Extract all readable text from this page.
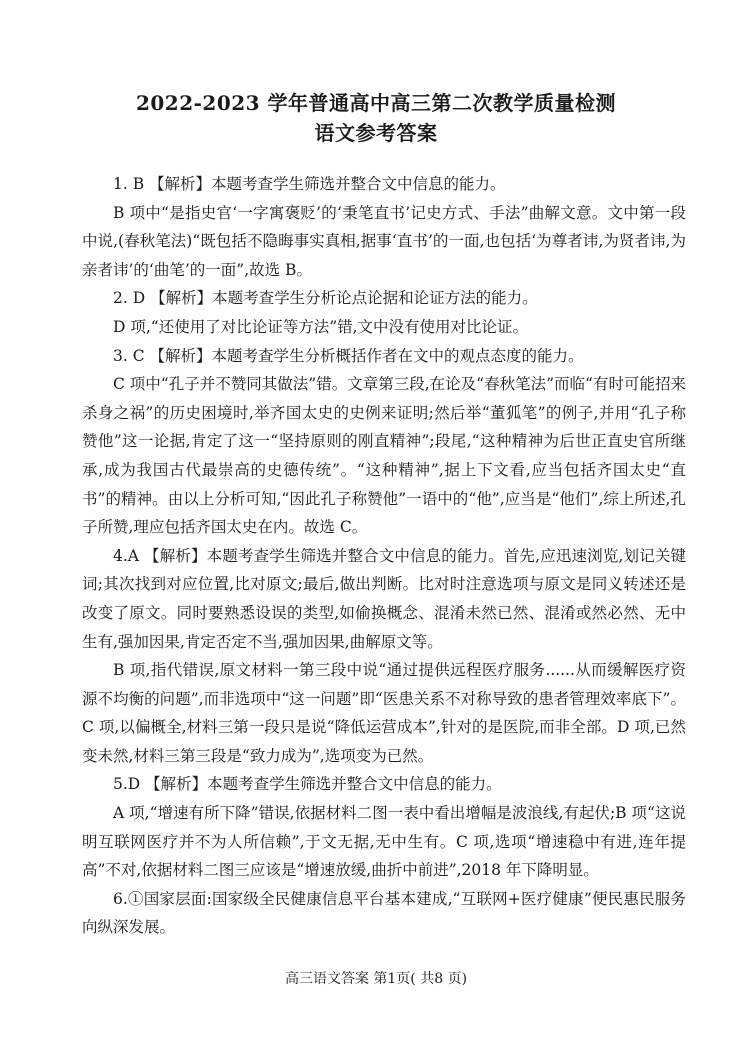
2022-2023 学年普通高中高三第二次教学质量检测
语文参考答案

1. B 【解析】本题考查学生筛选并整合文中信息的能力。

B 项中“是指史官‘一字寓褒贬’的‘秉笔直书’记史方式、手法”曲解文意。文中第一段中说,(春秋笔法)“既包括不隐晦事实真相,据事‘直书’的一面,也包括‘为尊者讳,为贤者讳,为亲者讳’的‘曲笔’的一面”,故选 B。

2. D 【解析】本题考查学生分析论点论据和论证方法的能力。

D 项,“还使用了对比论证等方法”错,文中没有使用对比论证。

3. C 【解析】本题考查学生分析概括作者在文中的观点态度的能力。

C 项中“孔子并不赞同其做法”错。文章第三段,在论及“春秋笔法”而临“有时可能招来杀身之祸”的历史困境时,举齐国太史的史例来证明;然后举“董狐笔”的例子,并用“孔子称赞他”这一论据,肯定了这一“坚持原则的刚直精神”;段尾,“这种精神为后世正直史官所继承,成为我国古代最崇高的史德传统”。“这种精神”,据上下文看,应当包括齐国太史“直书”的精神。由以上分析可知,“因此孔子称赞他”一语中的“他”,应当是“他们”,综上所述,孔子所赞,理应包括齐国太史在内。故选 C。

4.A 【解析】本题考查学生筛选并整合文中信息的能力。首先,应迅速浏览,划记关键词;其次找到对应位置,比对原文;最后,做出判断。比对时注意选项与原文是同义转述还是改变了原文。同时要熟悉设误的类型,如偷换概念、混淆未然已然、混淆或然必然、无中生有,强加因果,肯定否定不当,强加因果,曲解原文等。

B 项,指代错误,原文材料一第三段中说“通过提供远程医疗服务......从而缓解医疗资源不均衡的问题”,而非选项中“这一问题”即“医患关系不对称导致的患者管理效率底下”。C 项,以偏概全,材料三第一段只是说“降低运营成本”,针对的是医院,而非全部。D 项,已然变未然,材料三第三段是“致力成为”,选项变为已然。

5.D 【解析】本题考查学生筛选并整合文中信息的能力。

A 项,“增速有所下降”错误,依据材料二图一表中看出增幅是波浪线,有起伏;B 项“这说明互联网医疗并不为人所信赖”,于文无据,无中生有。C 项,选项“增速稳中有进,连年提高”不对,依据材料二图三应该是“增速放缓,曲折中前进”,2018 年下降明显。

6.①国家层面:国家级全民健康信息平台基本建成,“互联网+医疗健康”便民惠民服务向纵深发展。

高三语文答案 第1页( 共8 页)
